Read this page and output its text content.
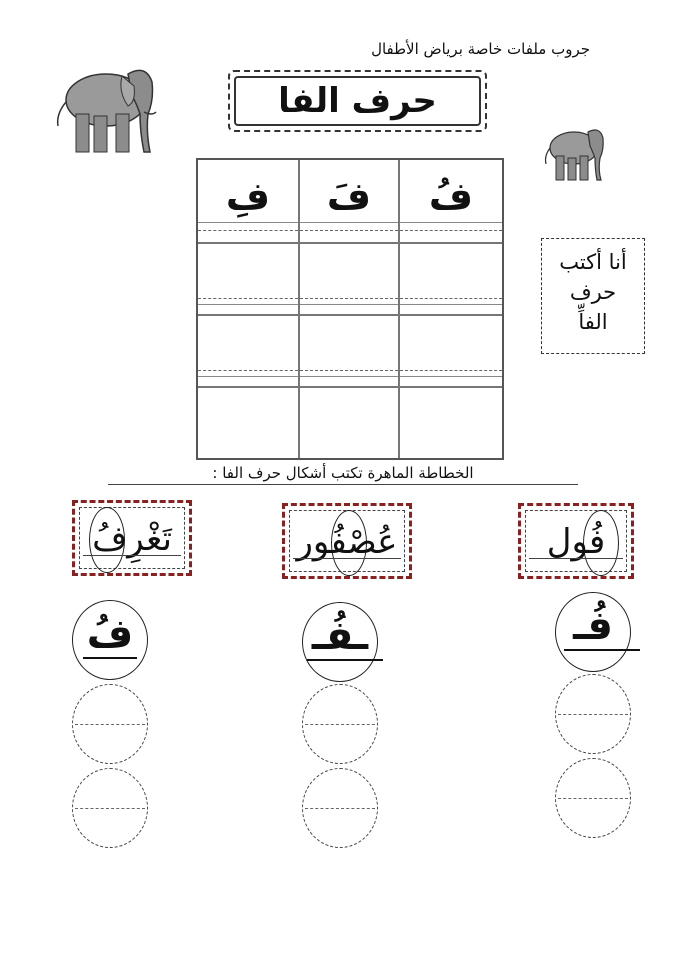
جروب ملفات خاصة برياض الأطفال
حرف الفا
فُ
فَ
فِ
أنا أكتب
حرف
الفاِّ
الخطاطة الماهرة تكتب أشكال حرف الفا :
فُول
عُصْفُور
تَغْرِفُ
فُـ
ـفُـ
فُ
